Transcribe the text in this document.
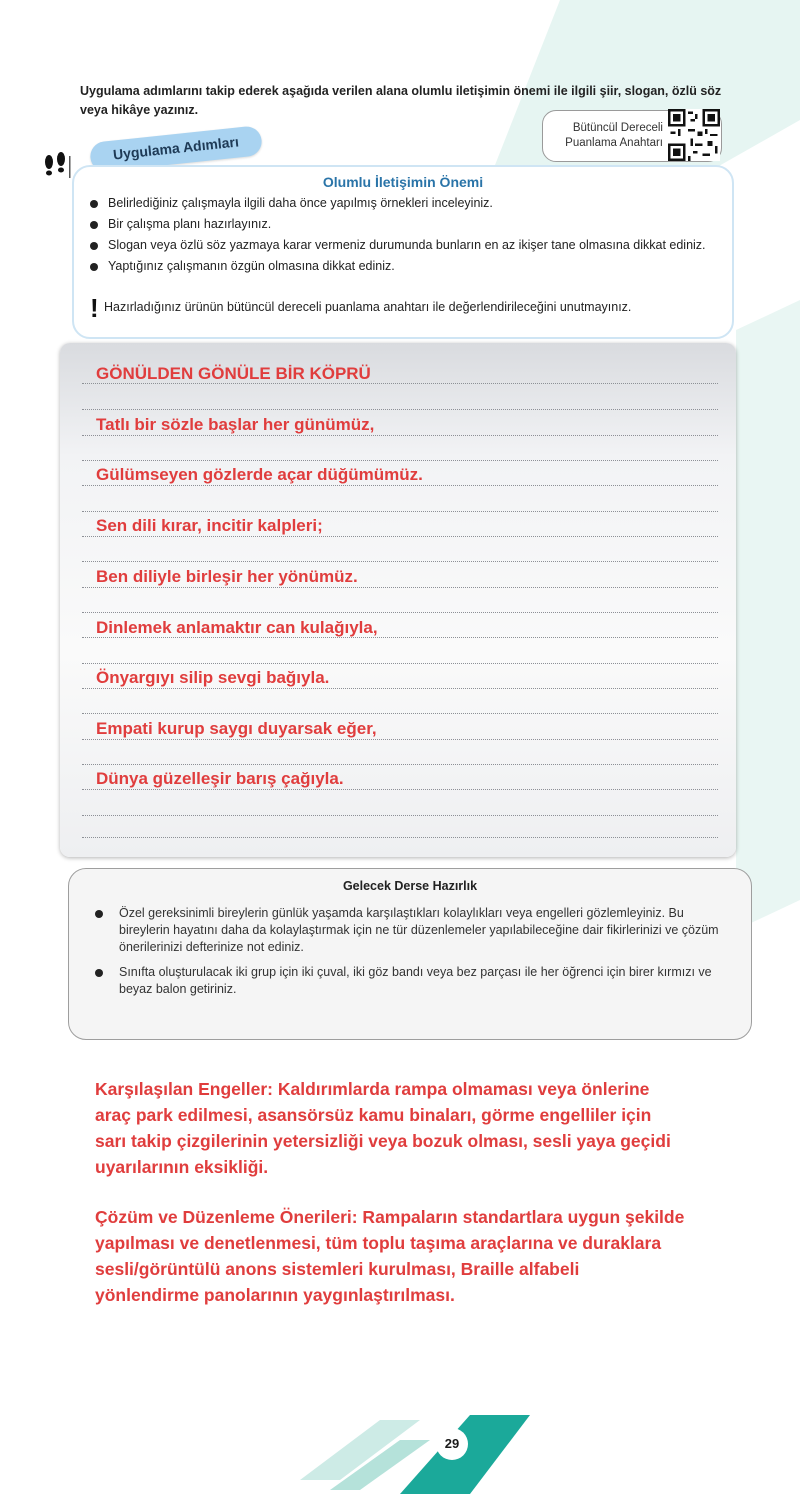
Uygulama adımlarını takip ederek aşağıda verilen alana olumlu iletişimin önemi ile ilgili şiir, slogan, özlü söz veya hikâye yazınız.
Bütüncül Dereceli
Puanlama Anahtarı
Uygulama Adımları
Olumlu İletişimin Önemi
Belirlediğiniz çalışmayla ilgili daha önce yapılmış örnekleri inceleyiniz.
Bir çalışma planı hazırlayınız.
Slogan veya özlü söz yazmaya karar vermeniz durumunda bunların en az ikişer tane olmasına dikkat ediniz.
Yaptığınız çalışmanın özgün olmasına dikkat ediniz.
! Hazırladığınız ürünün bütüncül dereceli puanlama anahtarı ile değerlendirileceğini unutmayınız.
GÖNÜLDEN GÖNÜLE BİR KÖPRÜ
Tatlı bir sözle başlar her günümüz,
Gülümseyen gözlerde açar düğümümüz.
Sen dili kırar, incitir kalpleri;
Ben diliyle birleşir her yönümüz.
Dinlemek anlamaktır can kulağıyla,
Önyargıyı silip sevgi bağıyla.
Empati kurup saygı duyarsak eğer,
Dünya güzelleşir barış çağıyla.
Gelecek Derse Hazırlık
Özel gereksinimli bireylerin günlük yaşamda karşılaştıkları kolaylıkları veya engelleri gözlemleyiniz. Bu bireylerin hayatını daha da kolaylaştırmak için ne tür düzenlemeler yapılabileceğine dair fikirlerinizi ve çözüm önerilerinizi defterinize not ediniz.
Sınıfta oluşturulacak iki grup için iki çuval, iki göz bandı veya bez parçası ile her öğrenci için birer kırmızı ve beyaz balon getiriniz.

Karşılaşılan Engeller: Kaldırımlarda rampa olmaması veya önlerine araç park edilmesi, asansörsüz kamu binaları, görme engelliler için sarı takip çizgilerinin yetersizliği veya bozuk olması, sesli yaya geçidi uyarılarının eksikliği.

Çözüm ve Düzenleme Önerileri: Rampaların standartlara uygun şekilde yapılması ve denetlenmesi, tüm toplu taşıma araçlarına ve duraklara sesli/görüntülü anons sistemleri kurulması, Braille alfabeli yönlendirme panolarının yaygınlaştırılması.

29
